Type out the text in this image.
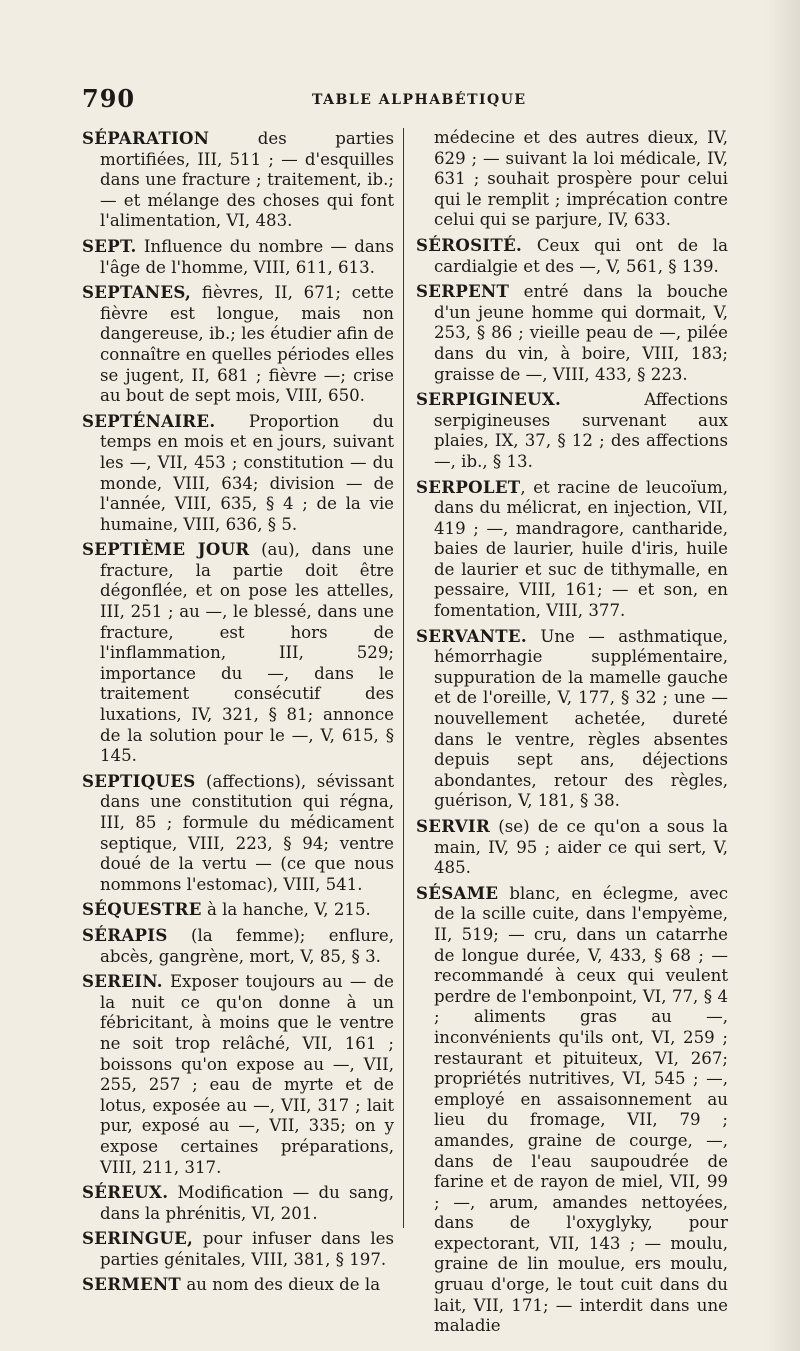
790	TABLE ALPHABÉTIQUE

SÉPARATION des parties mortifiées, III, 511 ; — d'esquilles dans une fracture ; traitement, ib.; — et mélange des choses qui font l'alimentation, VI, 483.

SEPT. Influence du nombre — dans l'âge de l'homme, VIII, 611, 613.

SEPTANES, fièvres, II, 671; cette fièvre est longue, mais non dangereuse, ib.; les étudier afin de connaître en quelles périodes elles se jugent, II, 681 ; fièvre —; crise au bout de sept mois, VIII, 650.

SEPTÉNAIRE. Proportion du temps en mois et en jours, suivant les —, VII, 453 ; constitution — du monde, VIII, 634; division — de l'année, VIII, 635, § 4 ; de la vie humaine, VIII, 636, § 5.

SEPTIÈME JOUR (au), dans une fracture, la partie doit être dégonflée, et on pose les attelles, III, 251 ; au —, le blessé, dans une fracture, est hors de l'inflammation, III, 529; importance du —, dans le traitement consécutif des luxations, IV, 321, § 81; annonce de la solution pour le —, V, 615, § 145.

SEPTIQUES (affections), sévissant dans une constitution qui régna, III, 85 ; formule du médicament septique, VIII, 223, § 94; ventre doué de la vertu — (ce que nous nommons l'estomac), VIII, 541.

SÉQUESTRE à la hanche, V, 215.

SÉRAPIS (la femme); enflure, abcès, gangrène, mort, V, 85, § 3.

SEREIN. Exposer toujours au — de la nuit ce qu'on donne à un fébricitant, à moins que le ventre ne soit trop relâché, VII, 161 ; boissons qu'on expose au —, VII, 255, 257 ; eau de myrte et de lotus, exposée au —, VII, 317 ; lait pur, exposé au —, VII, 335; on y expose certaines préparations, VIII, 211, 317.

SÉREUX. Modification — du sang, dans la phrénitis, VI, 201.

SERINGUE, pour infuser dans les parties génitales, VIII, 381, § 197.

SERMENT au nom des dieux de la

médecine et des autres dieux, IV, 629 ; — suivant la loi médicale, IV, 631 ; souhait prospère pour celui qui le remplit ; imprécation contre celui qui se parjure, IV, 633.

SÉROSITÉ. Ceux qui ont de la cardialgie et des —, V, 561, § 139.

SERPENT entré dans la bouche d'un jeune homme qui dormait, V, 253, § 86 ; vieille peau de —, pilée dans du vin, à boire, VIII, 183; graisse de —, VIII, 433, § 223.

SERPIGINEUX. Affections serpigineuses survenant aux plaies, IX, 37, § 12 ; des affections —, ib., § 13.

SERPOLET, et racine de leucoïum, dans du mélicrat, en injection, VII, 419 ; —, mandragore, cantharide, baies de laurier, huile d'iris, huile de laurier et suc de tithymalle, en pessaire, VIII, 161; — et son, en fomentation, VIII, 377.

SERVANTE. Une — asthmatique, hémorrhagie supplémentaire, suppuration de la mamelle gauche et de l'oreille, V, 177, § 32 ; une — nouvellement achetée, dureté dans le ventre, règles absentes depuis sept ans, déjections abondantes, retour des règles, guérison, V, 181, § 38.

SERVIR (se) de ce qu'on a sous la main, IV, 95 ; aider ce qui sert, V, 485.

SÉSAME blanc, en éclegme, avec de la scille cuite, dans l'empyème, II, 519; — cru, dans un catarrhe de longue durée, V, 433, § 68 ; — recommandé à ceux qui veulent perdre de l'embonpoint, VI, 77, § 4 ; aliments gras au —, inconvénients qu'ils ont, VI, 259 ; restaurant et pituiteux, VI, 267; propriétés nutritives, VI, 545 ; —, employé en assaisonnement au lieu du fromage, VII, 79 ; amandes, graine de courge, —, dans de l'eau saupoudrée de farine et de rayon de miel, VII, 99 ; —, arum, amandes nettoyées, dans de l'oxyglyky, pour expectorant, VII, 143 ; — moulu, graine de lin moulue, ers moulu, gruau d'orge, le tout cuit dans du lait, VII, 171; — interdit dans une maladie
